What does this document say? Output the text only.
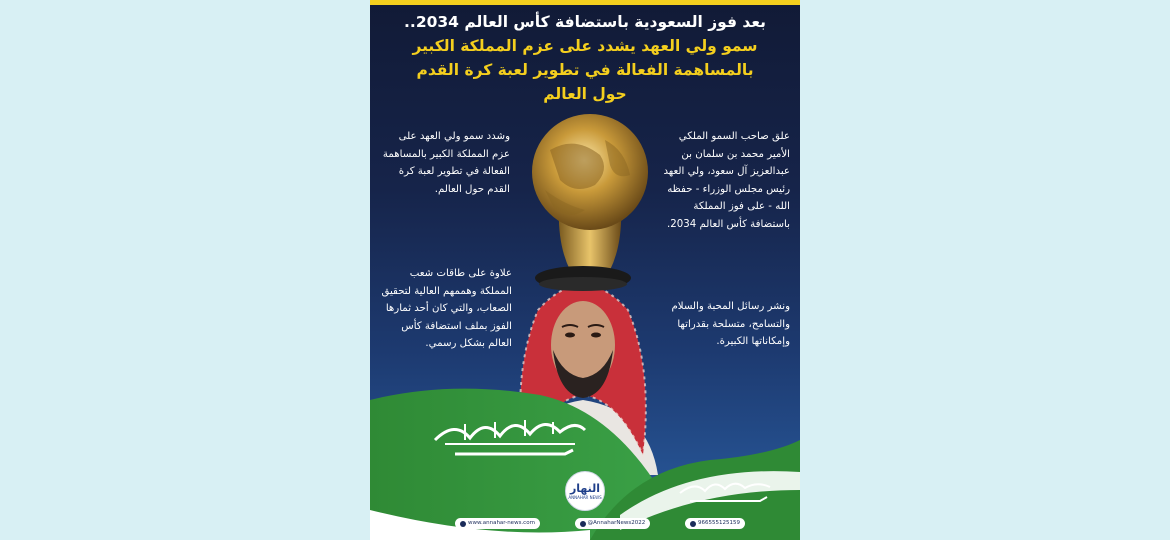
بعد فوز السعودية باستضافة كأس العالم 2034..
سمو ولي العهد يشدد على عزم المملكة الكبير
بالمساهمة الفعالة في تطوير لعبة كرة القدم
حول العالم
علق صاحب السمو الملكي الأمير محمد بن سلمان بن عبدالعزيز آل سعود، ولي العهد رئيس مجلس الوزراء - حفظه الله - على فوز المملكة باستضافة كأس العالم 2034.
ونشر رسائل المحبة والسلام والتسامح، متسلحة بقدراتها وإمكاناتها الكبيرة.
وشدد سمو ولي العهد على عزم المملكة الكبير بالمساهمة الفعالة في تطوير لعبة كرة القدم حول العالم.
علاوة على طاقات شعب المملكة وهممهم العالية لتحقيق الصعاب، والتي كان أحد ثمارها الفوز بملف استضافة كأس العالم بشكل رسمي.
النهار
ANNAHAR NEWS
www.annahar-news.com	@AnnaharNews2022	966555125159
